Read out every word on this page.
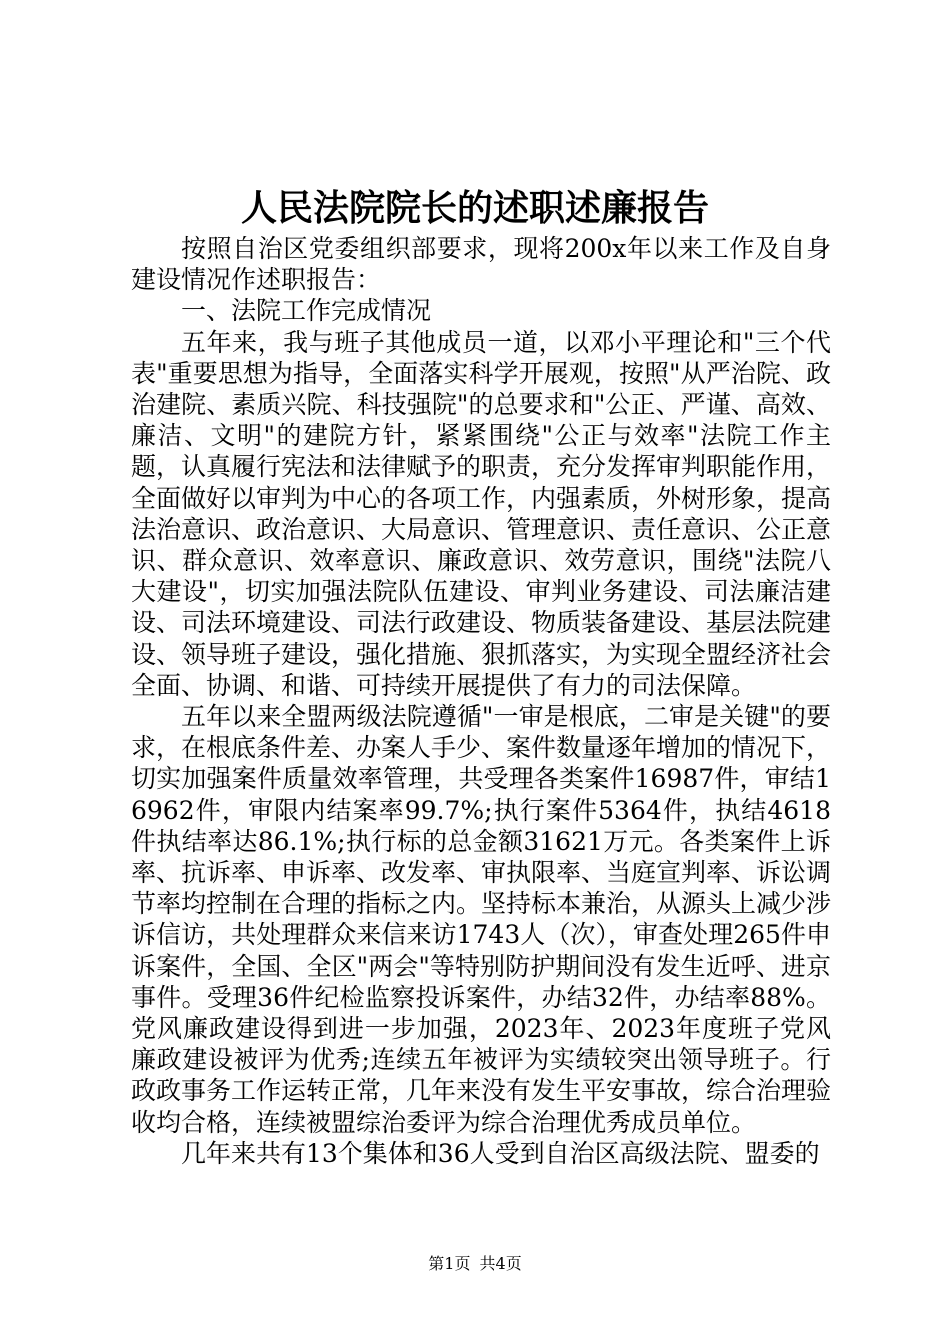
人民法院院长的述职述廉报告

按照自治区党委组织部要求，现将200x年以来工作及自身建设情况作述职报告：

一、法院工作完成情况

五年来，我与班子其他成员一道，以邓小平理论和"三个代表"重要思想为指导，全面落实科学开展观，按照"从严治院、政治建院、素质兴院、科技强院"的总要求和"公正、严谨、高效、廉洁、文明"的建院方针，紧紧围绕"公正与效率"法院工作主题，认真履行宪法和法律赋予的职责，充分发挥审判职能作用，全面做好以审判为中心的各项工作，内强素质，外树形象，提高法治意识、政治意识、大局意识、管理意识、责任意识、公正意识、群众意识、效率意识、廉政意识、效劳意识，围绕"法院八大建设"，切实加强法院队伍建设、审判业务建设、司法廉洁建设、司法环境建设、司法行政建设、物质装备建设、基层法院建设、领导班子建设，强化措施、狠抓落实，为实现全盟经济社会全面、协调、和谐、可持续开展提供了有力的司法保障。

五年以来全盟两级法院遵循"一审是根底，二审是关键"的要求，在根底条件差、办案人手少、案件数量逐年增加的情况下，切实加强案件质量效率管理，共受理各类案件16987件，审结16962件，审限内结案率99.7%;执行案件5364件，执结4618件执结率达86.1%;执行标的总金额31621万元。各类案件上诉率、抗诉率、申诉率、改发率、审执限率、当庭宣判率、诉讼调节率均控制在合理的指标之内。坚持标本兼治，从源头上减少涉诉信访，共处理群众来信来访1743人（次），审查处理265件申诉案件，全国、全区"两会"等特别防护期间没有发生近呼、进京事件。受理36件纪检监察投诉案件，办结32件，办结率88%。党风廉政建设得到进一步加强，2023年、2023年度班子党风廉政建设被评为优秀;连续五年被评为实绩较突出领导班子。行政政事务工作运转正常，几年来没有发生平安事故，综合治理验收均合格，连续被盟综治委评为综合治理优秀成员单位。

几年来共有13个集体和36人受到自治区高级法院、盟委的

第1页 共4页
